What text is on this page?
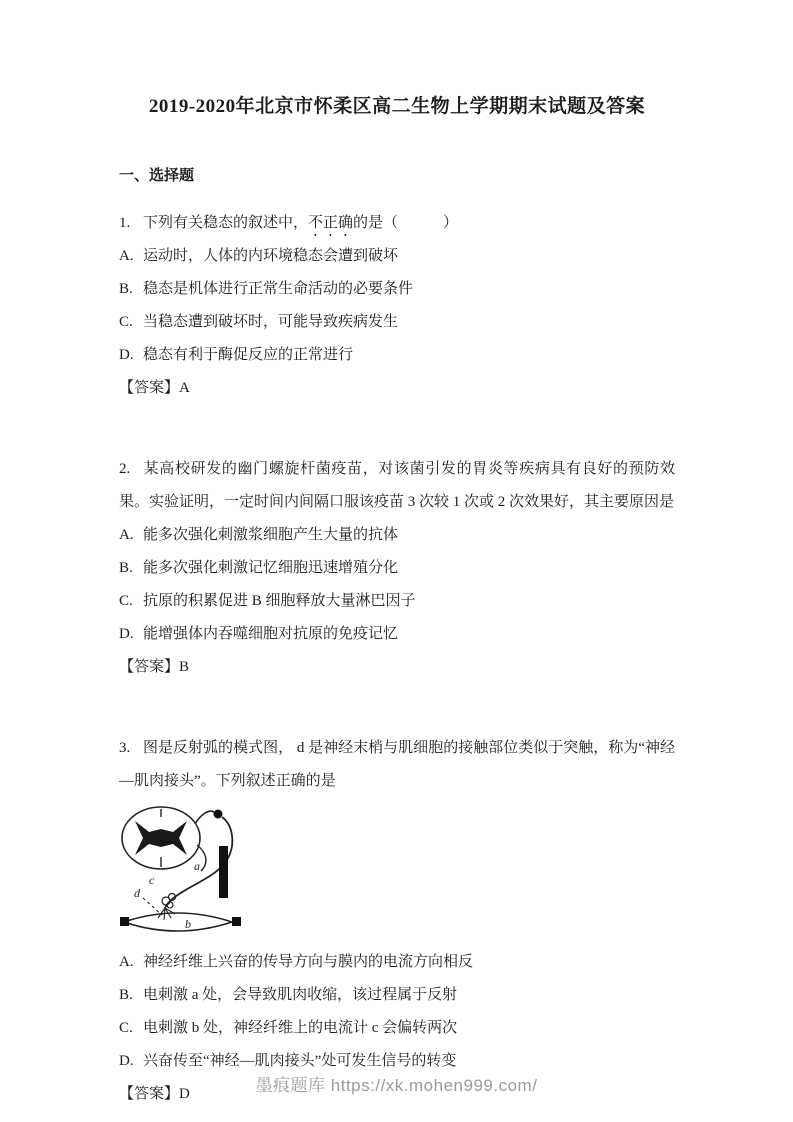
2019-2020年北京市怀柔区高二生物上学期期末试题及答案
一、选择题

1. 下列有关稳态的叙述中，不正确的是（　　　）

A. 运动时，人体的内环境稳态会遭到破坏

B. 稳态是机体进行正常生命活动的必要条件

C. 当稳态遭到破坏时，可能导致疾病发生

D. 稳态有利于酶促反应的正常进行

【答案】A

2. 某高校研发的幽门螺旋杆菌疫苗，对该菌引发的胃炎等疾病具有良好的预防效果。实验证明，一定时间内间隔口服该疫苗 3 次较 1 次或 2 次效果好，其主要原因是

A. 能多次强化刺激浆细胞产生大量的抗体

B. 能多次强化刺激记忆细胞迅速增殖分化

C. 抗原的积累促进 B 细胞释放大量淋巴因子

D. 能增强体内吞噬细胞对抗原的免疫记忆

【答案】B

3. 图是反射弧的模式图， d 是神经末梢与肌细胞的接触部位类似于突触，称为“神经—肌肉接头”。下列叙述正确的是

a
c
d
b

A. 神经纤维上兴奋的传导方向与膜内的电流方向相反

B. 电刺激 a 处，会导致肌肉收缩，该过程属于反射

C. 电刺激 b 处，神经纤维上的电流计 c 会偏转两次

D. 兴奋传至“神经—肌肉接头”处可发生信号的转变

【答案】D	墨痕题库 https://xk.mohen999.com/
